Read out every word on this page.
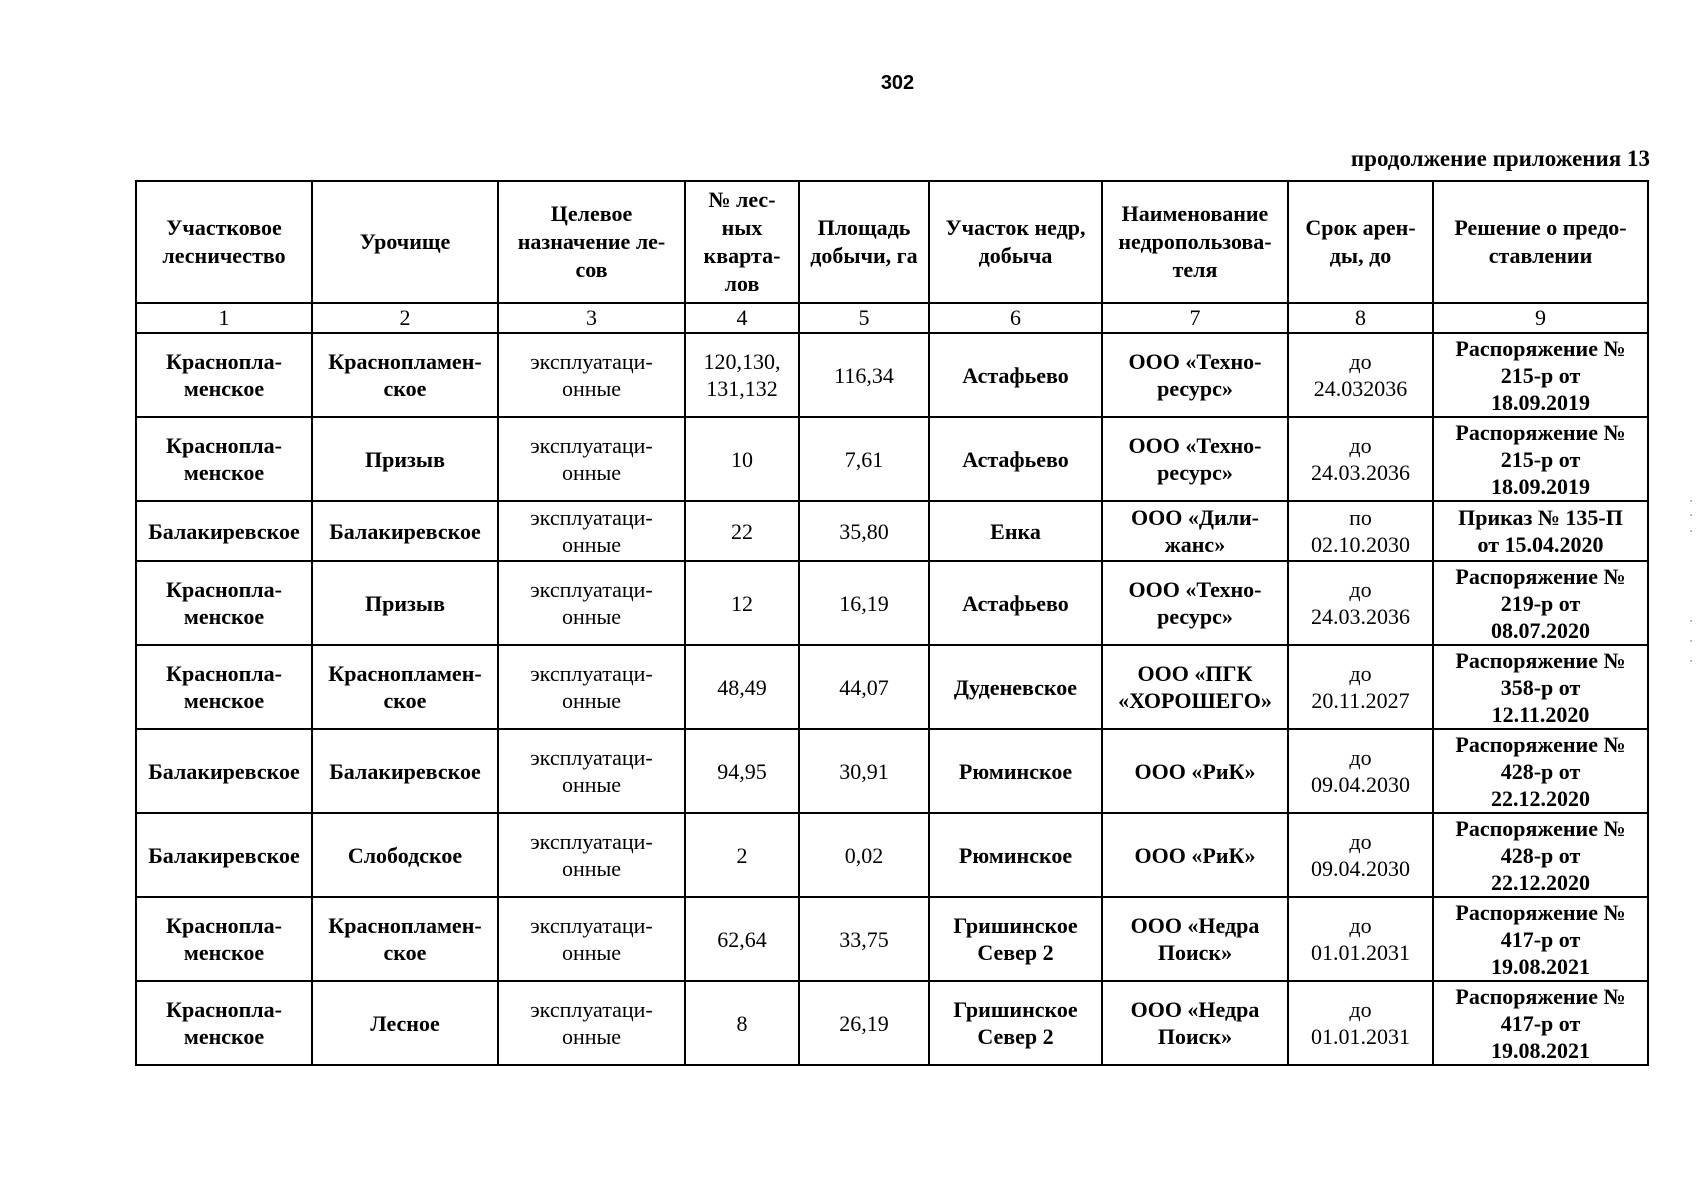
302
продолжение приложения 13
Участковое
лесничество	Урочище	Целевое
назначение ле-
сов	№ лес-
ных
кварта-
лов	Площадь
добычи, га	Участок недр,
добыча	Наименование
недропользова-
теля	Срок арен-
ды, до	Решение о предо-
ставлении

1	2	3	4	5	6	7	8	9

Краснопла-
менское	Краснопламен-
ское	эксплуатаци-
онные	120,130,
131,132	116,34	Астафьево	ООО «Техно-
ресурс»	до
24.032036	Распоряжение №
215-р от
18.09.2019

Краснопла-
менское	Призыв	эксплуатаци-
онные	10	7,61	Астафьево	ООО «Техно-
ресурс»	до
24.03.2036	Распоряжение №
215-р от
18.09.2019

Балакиревское	Балакиревское	эксплуатаци-
онные	22	35,80	Енка	ООО «Дили-
жанс»	по
02.10.2030	Приказ № 135-П
от 15.04.2020

Краснопла-
менское	Призыв	эксплуатаци-
онные	12	16,19	Астафьево	ООО «Техно-
ресурс»	до
24.03.2036	Распоряжение №
219-р от
08.07.2020

Краснопла-
менское	Краснопламен-
ское	эксплуатаци-
онные	48,49	44,07	Дуденевское	ООО «ПГК
«ХОРОШЕГО»	до
20.11.2027	Распоряжение №
358-р от
12.11.2020

Балакиревское	Балакиревское	эксплуатаци-
онные	94,95	30,91	Рюминское	ООО «РиК»	до
09.04.2030	Распоряжение №
428-р от
22.12.2020

Балакиревское	Слободское	эксплуатаци-
онные	2	0,02	Рюминское	ООО «РиК»	до
09.04.2030	Распоряжение №
428-р от
22.12.2020

Краснопла-
менское	Краснопламен-
ское	эксплуатаци-
онные	62,64	33,75	Гришинское
Север 2	ООО «Недра
Поиск»	до
01.01.2031	Распоряжение №
417-р от
19.08.2021

Краснопла-
менское	Лесное	эксплуатаци-
онные	8	26,19	Гришинское
Север 2	ООО «Недра
Поиск»	до
01.01.2031	Распоряжение №
417-р от
19.08.2021
